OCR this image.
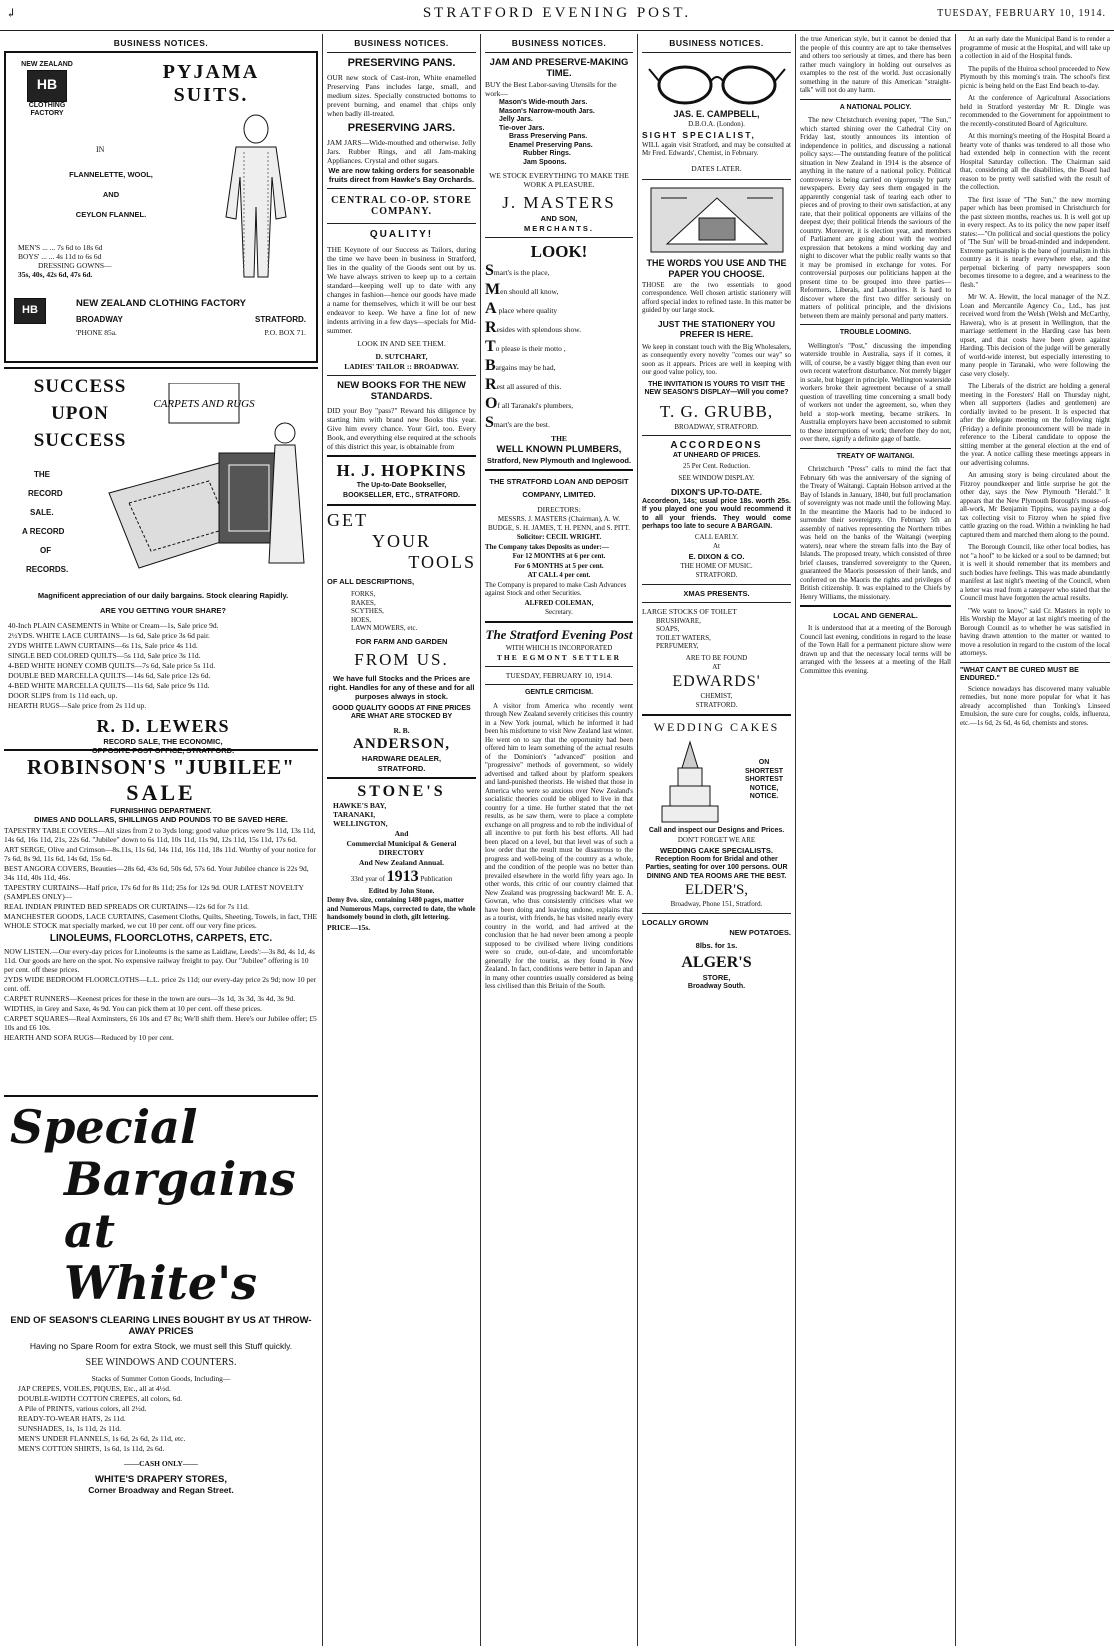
↲	STRATFORD EVENING POST.	TUESDAY, FEBRUARY 10, 1914.
BUSINESS NOTICES.
NEW ZEALAND
HB
CLOTHING FACTORY
PYJAMA SUITS.
IN
FLANNELETTE, WOOL,
AND
CEYLON FLANNEL.
MEN'S ... ... 7s 6d to 18s 6d
BOYS' ... ... 4s 11d to 6s 6d
DRESSING GOWNS—
35s, 40s, 42s 6d, 47s 6d.
HB
NEW ZEALAND CLOTHING FACTORY
BROADWAY	STRATFORD.
'PHONE 85a.	P.O. BOX 71.
SUCCESS
UPON
SUCCESS
THE
RECORD
SALE.
A RECORD
OF
RECORDS.
CARPETS AND RUGS
Magnificent appreciation of our daily bargains. Stock clearing Rapidly.
ARE YOU GETTING YOUR SHARE?
40-Inch PLAIN CASEMENTS in White or Cream—1s, Sale price 9d.
2½YDS. WHITE LACE CURTAINS—1s 6d, Sale price 3s 6d pair.
2YDS WHITE LAWN CURTAINS—6s 11s, Sale price 4s 11d.
SINGLE BED COLORED QUILTS—5s 11d, Sale price 3s 11d.
4-BED WHITE HONEY COMB QUILTS—7s 6d, Sale price 5s 11d.
DOUBLE BED MARCELLA QUILTS—14s 6d, Sale price 12s 6d.
4-BED WHITE MARCELLA QUILTS—11s 6d, Sale price 9s 11d.
DOOR SLIPS from 1s 11d each, up.
HEARTH RUGS—Sale price from 2s 11d up.
R. D. LEWERS
RECORD SALE, THE ECONOMIC,
OPPOSITE POST OFFICE, STRATFORD.
ROBINSON'S "JUBILEE"
SALE
FURNISHING DEPARTMENT.
DIMES AND DOLLARS, SHILLINGS AND POUNDS TO BE SAVED HERE.
TAPESTRY TABLE COVERS—All sizes from 2 to 3yds long; good value prices were 9s 11d, 13s 11d, 14s 6d, 16s 11d, 21s, 22s 6d. "Jubilee" down to 6s 11d, 10s 11d, 11s 9d, 12s 11d, 15s 11d, 17s 6d.
ART SERGE, Olive and Crimson—8s.11s, 11s 6d, 14s 11d, 16s 11d, 18s 11d. Worthy of your notice for 7s 6d, 8s 9d, 11s 6d, 14s 6d, 15s 6d.
BEST ANGORA COVERS, Beauties—28s 6d, 43s 6d, 50s 6d, 57s 6d. Your Jubilee chance is 22s 9d, 34s 11d, 40s 11d, 46s.
TAPESTRY CURTAINS—Half price, 17s 6d for 8s 11d; 25s for 12s 9d. OUR LATEST NOVELTY (SAMPLES ONLY)—
REAL INDIAN PRINTED BED SPREADS OR CURTAINS—12s 6d for 7s 11d.
MANCHESTER GOODS, LACE CURTAINS, Casement Cloths, Quilts, Sheeting, Towels, in fact, THE WHOLE STOCK mat specially marked, we cut 10 per cent. off our very fine prices.
LINOLEUMS, FLOORCLOTHS, CARPETS, ETC.
NOW LISTEN.—Our every-day prices for Linoleums is the same as Laidlaw, Leeds':—3s 8d, 4s 1d, 4s 11d. Our goods are here on the spot. No expensive railway freight to pay. Our "Jubilee" offering is 10 per cent. off these prices.
2YDS WIDE BEDROOM FLOORCLOTHS—L.L. price 2s 11d; our every-day price 2s 9d; now 10 per cent. off.
CARPET RUNNERS—Keenest prices for these in the town are ours—3s 1d, 3s 3d, 3s 4d, 3s 9d.
WIDTHS, in Grey and Saxe, 4s 9d. You can pick them at 10 per cent. off these prices.
CARPET SQUARES—Real Axminsters, £6 10s and £7 8s; We'll shift them. Here's our Jubilee offer; £5 10s and £6 10s.
HEARTH AND SOFA RUGS—Reduced by 10 per cent.
Special
Bargains
at White's
END OF SEASON'S CLEARING LINES BOUGHT BY US AT THROW-AWAY PRICES
Having no Spare Room for extra Stock, we must sell this Stuff quickly.
SEE WINDOWS AND COUNTERS.
Stacks of Summer Cotton Goods, Including—
JAP CREPES, VOILES, PIQUES, Etc., all at 4½d.
DOUBLE-WIDTH COTTON CREPES, all colors, 6d.
A Pile of PRINTS, various colors, all 2½d.
READY-TO-WEAR HATS, 2s 11d.
SUNSHADES, 1s, 1s 11d, 2s 11d.
MEN'S UNDER FLANNELS, 1s 6d, 2s 6d, 2s 11d, etc.
MEN'S COTTON SHIRTS, 1s 6d, 1s 11d, 2s 6d.
——CASH ONLY——
WHITE'S DRAPERY STORES,
Corner Broadway and Regan Street.
BUSINESS NOTICES.
PRESERVING PANS.

OUR new stock of Cast-iron, White enamelled Preserving Pans includes large, small, and medium sizes. Specially constructed bottoms to prevent burning, and enamel that chips only when badly ill-treated.

PRESERVING JARS.

JAM JARS—Wide-mouthed and otherwise. Jelly Jars. Rubber Rings, and all Jam-making Appliances. Crystal and other sugars.

We are now taking orders for seasonable fruits direct from Hawke's Bay Orchards.

CENTRAL CO-OP. STORE COMPANY.
QUALITY!

THE Keynote of our Success as Tailors, during the time we have been in business in Stratford, lies in the quality of the Goods sent out by us. We have always striven to keep up to a certain standard—keeping well up to date with any changes in fashion—hence our goods have made a name for themselves, which it will be our best endeavor to keep. We have a fine lot of new indents arriving in a few days—specials for Mid-summer.

LOOK IN AND SEE THEM.

D. SUTCHART,

LADIES' TAILOR :: BROADWAY.

NEW BOOKS FOR THE NEW STANDARDS.

DID your Boy "pass?" Reward his diligence by starting him with brand new Books this year. Give him every chance. Your Girl, too. Every Book, and everything else required at the schools of this district this year, is obtainable from

H. J. HOPKINS

The Up-to-Date Bookseller,

BOOKSELLER, ETC., STRATFORD.

GET
YOUR
TOOLS

OF ALL DESCRIPTIONS,

FORKS,
RAKES,
SCYTHES,
HOES,
LAWN MOWERS, etc.

FOR FARM AND GARDEN

FROM US.

We have full Stocks and the Prices are right. Handles for any of these and for all purposes always in stock.

GOOD QUALITY GOODS AT FINE PRICES ARE WHAT ARE STOCKED BY

R. B.

ANDERSON,

HARDWARE DEALER,

STRATFORD.

STONE'S
HAWKE'S BAY,
TARANAKI,
WELLINGTON,

And

Commercial Municipal & General DIRECTORY

And New Zealand Annual.

33rd year of 1913 Publication

Edited by John Stone.

Demy 8vo. size, containing 1480 pages, matter and Numerous Maps, corrected to date, the whole handsomely bound in cloth, gilt lettering.

PRICE—15s.

BUSINESS NOTICES.
JAM AND PRESERVE-MAKING TIME.

BUY the Best Labor-saving Utensils for the work—

Mason's Wide-mouth Jars.
Mason's Narrow-mouth Jars.
Jelly Jars.
Tie-over Jars.
Brass Preserving Pans.
Enamel Preserving Pans.
Rubber Rings.
Jam Spoons.

WE STOCK EVERYTHING TO MAKE THE WORK A PLEASURE.

J. MASTERS

AND SON,

MERCHANTS.

LOOK!

Smart's is the place,

Men should all know,

A place where quality

Resides with splendous show.

To please is their motto ,

Bargains may be had,

Rest all assured of this.

Of all Taranaki's plumbers,

Smart's are the best.

THE

WELL KNOWN PLUMBERS,

Stratford, New Plymouth and Inglewood.

THE STRATFORD LOAN AND DEPOSIT COMPANY, LIMITED.

DIRECTORS:

MESSRS. J. MASTERS (Chairman), A. W. BUDGE, S. H. JAMES, T. H. PENN, and S. PITT.

Solicitor: CECIL WRIGHT.

The Company takes Deposits as under:—

For 12 MONTHS at 6 per cent.

For 6 MONTHS at 5 per cent.

AT CALL 4 per cent.

The Company is prepared to make Cash Advances against Stock and other Securities.

ALFRED COLEMAN,

Secretary.

The Stratford Evening Post

WITH WHICH IS INCORPORATED

THE EGMONT SETTLER

TUESDAY, FEBRUARY 10, 1914.

GENTLE CRITICISM.

A visitor from America who recently went through New Zealand severely criticises this country in a New York journal, which he informed it had been his misfortune to visit New Zealand last winter. He went on to say that the opportunity had been offered him to learn something of the actual results of the Dominion's "advanced" position and "progressive" methods of government, so widely advertised and talked about by platform speakers and land-punished theorists. He wished that those in America who were so anxious over New Zealand's socialistic theories could be obliged to live in that country for a time. He further stated that the net results, as he saw them, were to place a complete exchange on all progress and to rob the individual of all incentive to put forth his best efforts. All had been placed on a level, but that level was of such a low order that the result must be disastrous to the progress and well-being of the country as a whole, and the condition of the people was no better than prevailed elsewhere in the world fifty years ago. In other words, this critic of our country claimed that New Zealand was progressing backward! Mr. E. A. Gowran, who thus consistently criticises what we have been doing and leaving undone, explains that as a tourist, with friends, he has visited nearly every country in the world, and had arrived at the conclusion that he had never been among a people supposed to be civilised where living conditions were so crude, out-of-date, and uncomfortable generally for the tourist, as they found in New Zealand. In fact, conditions were better in Japan and in many other countries usually considered as being less civilised than this Britain of the South.

BUSINESS NOTICES.

JAS. E. CAMPBELL,

D.B.O.A. (London).

SIGHT SPECIALIST,

WILL again visit Stratford, and may be consulted at Mr Fred. Edwards', Chemist, in February.

DATES LATER.

THE WORDS YOU USE AND THE PAPER YOU CHOOSE.

THOSE are the two essentials to good correspondence. Well chosen artistic stationery will afford special index to refined taste. In this matter be guided by our large stock.

JUST THE STATIONERY YOU PREFER IS HERE.

We keep in constant touch with the Big Wholesalers, as consequently every novelty "comes our way" so soon as it appears. Prices are well in keeping with our good value policy, too.

THE INVITATION IS YOURS TO VISIT THE NEW SEASON'S DISPLAY—Will you come?

T. G. GRUBB,

BROADWAY, STRATFORD.

ACCORDEONS

AT UNHEARD OF PRICES.

25 Per Cent. Reduction.

SEE WINDOW DISPLAY.

DIXON'S UP-TO-DATE.

Accordeon, 14s; usual price 18s. worth 25s. If you played one you would recommend it to all your friends. They would come perhaps too late to secure A BARGAIN.

CALL EARLY.

At

E. DIXON & CO.

THE HOME OF MUSIC.

STRATFORD.

XMAS PRESENTS.

LARGE STOCKS OF TOILET

BRUSHWARE,
SOAPS,
TOILET WATERS,
PERFUMERY,

ARE TO BE FOUND

AT

EDWARDS'

CHEMIST,

STRATFORD.

WEDDING CAKES

ON
SHORTEST
SHORTEST
NOTICE,
NOTICE.

Call and inspect our Designs and Prices.

DON'T FORGET WE ARE

WEDDING CAKE SPECIALISTS.

Reception Room for Bridal and other Parties, seating for over 100 persons. OUR DINING AND TEA ROOMS ARE THE BEST.

ELDER'S,

Broadway, Phone 151, Stratford.

LOCALLY GROWN

NEW POTATOES.

8lbs. for 1s.

ALGER'S

STORE,

Broadway South.

the true American style, but it cannot be denied that the people of this country are apt to take themselves and others too seriously at times, and there has been rather much vainglory in holding out ourselves as examples to the rest of the world. Just occasionally something in the nature of this American "straight-talk" will not do any harm.

A NATIONAL POLICY.

The new Christchurch evening paper, "The Sun," which started shining over the Cathedral City on Friday last, stoutly announces its intention of independence in politics, and discussing a national policy says:—The outstanding feature of the political situation in New Zealand in 1914 is the absence of anything in the nature of a national policy. Political controversy is being carried on vigorously by party newspapers. Every day sees them engaged in the apparently congenial task of tearing each other to pieces and of proving to their own satisfaction, at any rate, that their political opponents are villains of the deepest dye; their political friends the saviours of the country. Moreover, it is election year, and members of Parliament are going about with the worried expression that betokens a mind working day and night to discover what the public really wants so that it may be promised in exchange for votes. For controversial purposes our politicians happen at the present time to be grouped into three parties—Reformers, Liberals, and Labourites. It is hard to discover where the first two differ seriously on matters of political principle, and the divisions between them are mainly personal and party matters.

TROUBLE LOOMING.

Wellington's "Post," discussing the impending waterside trouble in Australia, says if it comes, it will, of course, be a vastly bigger thing than even our own recent waterfront disturbance. Not merely bigger in scale, but bigger in principle. Wellington waterside workers broke their agreement because of a small question of travelling time concerning a small body of workers not under the agreement, so, when they held a stop-work meeting, became strikers. In Australia employers have been accustomed to submit to these interruptions of work; therefore they do not, over there, signify a definite gage of battle.

TREATY OF WAITANGI.

Christchurch "Press" calls to mind the fact that February 6th was the anniversary of the signing of the Treaty of Waitangi. Captain Hobson arrived at the Bay of Islands in January, 1840, but full proclamation of sovereignty was not made until the following May. In the meantime the Maoris had to be induced to surrender their sovereignty. On February 5th an assembly of natives representing the Northern tribes was held on the banks of the Waitangi (weeping waters), near where the stream falls into the Bay of Islands. The proposed treaty, which consisted of three brief clauses, transferred sovereignty to the Queen, guaranteed the Maoris possession of their lands, and conferred on the Maoris the rights and privileges of British citizenship. It was explained to the Chiefs by Henry Williams, the missionary.

LOCAL AND GENERAL.

It is understood that at a meeting of the Borough Council last evening, conditions in regard to the lease of the Town Hall for a permanent picture show were drawn up and that the necessary local terms will be arranged with the lessees at a meeting of the Hall Committee this evening.

At an early date the Municipal Band is to render a programme of music at the Hospital, and will take up a collection in aid of the Hospital funds.

The pupils of the Huiroa school proceeded to New Plymouth by this morning's train. The school's first picnic is being held on the East End beach to-day.

At the conference of Agricultural Associations held in Stratford yesterday Mr R. Dingle was recommended to the Government for appointment to the recently-constituted Board of Agriculture.

At this morning's meeting of the Hospital Board a hearty vote of thanks was tendered to all those who had extended help in connection with the recent Hospital Saturday collection. The Chairman said that, considering all the disabilities, the Board had reason to be pretty well satisfied with the result of the collection.

The first issue of "The Sun," the new morning paper which has been promised in Christchurch for the past sixteen months, reaches us. It is well got up in every respect. As to its policy the new paper itself states:—"On political and social questions the policy of 'The Sun' will be broad-minded and independent. Extreme partisanship is the bane of journalism in this country as it is nearly everywhere else, and the perpetual bickering of party newspapers soon becomes tiresome to a degree, and a weariness to the flesh."

Mr W. A. Hewitt, the local manager of the N.Z. Loan and Mercantile Agency Co., Ltd., has just received word from the Welsh (Welsh and McCarthy, Hawera), who is at present in Wellington, that the marriage settlement in the Harding case has been upset, and that costs have been given against Harding. This decision of the judge will be generally of world-wide interest, but especially interesting to many people in Taranaki, who were following the case very closely.

The Liberals of the district are holding a general meeting in the Foresters' Hall on Thursday night, when all supporters (ladies and gentlemen) are cordially invited to be present. It is expected that after the delegate meeting on the following night (Friday) a definite pronouncement will be made in reference to the Liberal candidate to oppose the sitting member at the general election at the end of the year. A notice calling these meetings appears in our advertising columns.

An amusing story is being circulated about the Fitzroy poundkeeper and little surprise he got the other day, says the New Plymouth "Herald." It appears that the New Plymouth Borough's mouse-of-all-work, Mr Benjamin Tippins, was paying a dog tax collecting visit to Fitzroy when he spied five cattle grazing on the road. Within a twinkling he had captured them and marched them along to the pound.

The Borough Council, like other local bodies, has not "a hoof" to be kicked or a soul to be damned; but it is well it should remember that its members and such bodies have feelings. This was made abundantly manifest at last night's meeting of the Council, when a letter was read from a ratepayer who stated that the Council must have forgotten the actual results.

"We want to know," said Cr. Masters in reply to His Worship the Mayor at last night's meeting of the Borough Council as to whether he was satisfied in having drawn attention to the matter or wanted to move a resolution in regard to the custom of the local attorneys.

"WHAT CAN'T BE CURED MUST BE ENDURED."

Science nowadays has discovered many valuable remedies, but none more popular for what it has already accomplished than Tonking's Linseed Emulsion, the sure cure for coughs, colds, influenza, etc.—1s 6d, 2s 6d, 4s 6d, chemists and stores.
